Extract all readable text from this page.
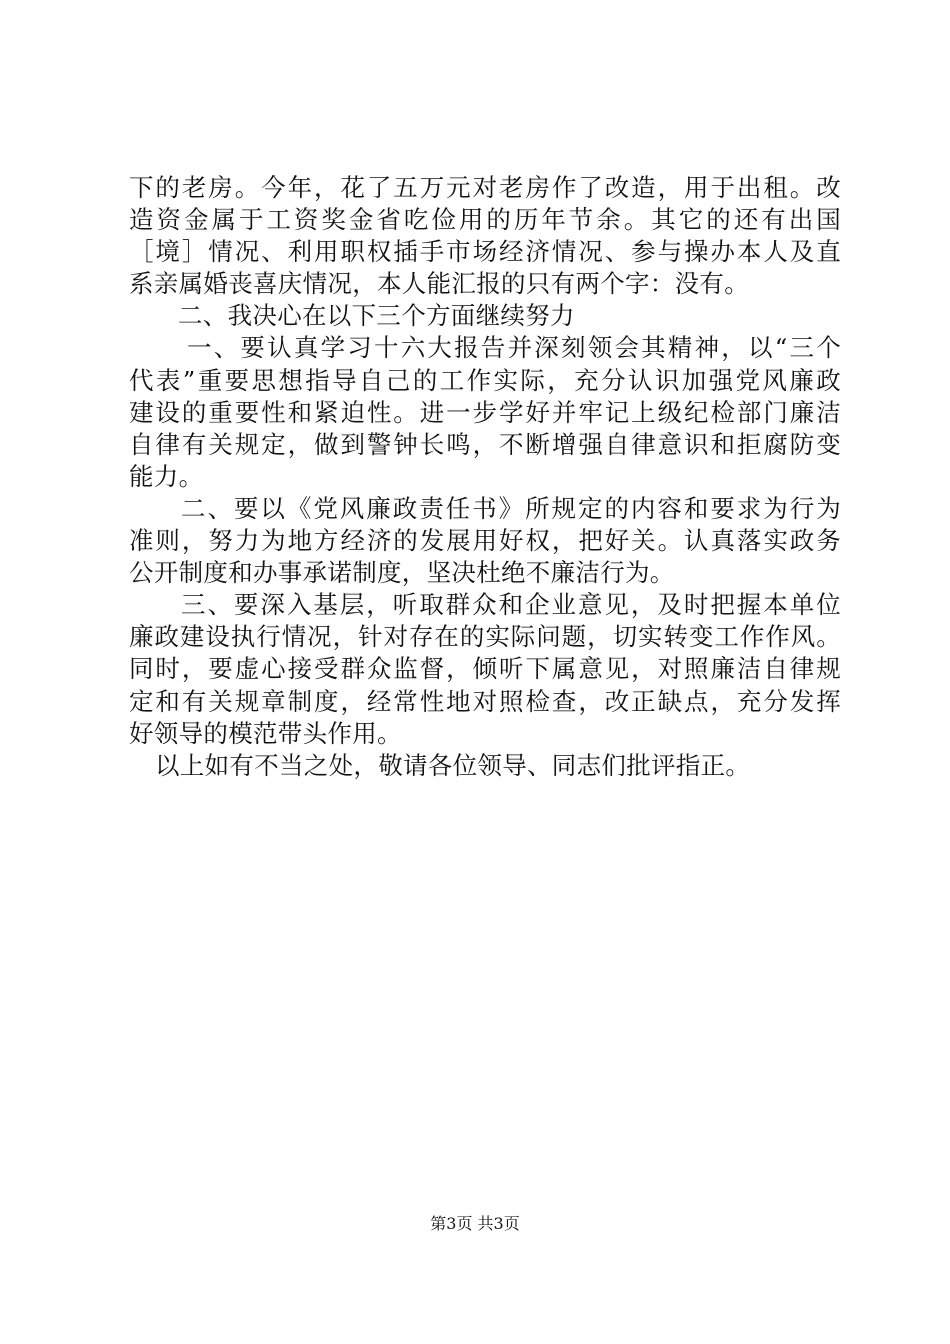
下的老房。今年，花了五万元对老房作了改造，用于出租。改
造资金属于工资奖金省吃俭用的历年节余。其它的还有出国
［境］情况、利用职权插手市场经济情况、参与操办本人及直
系亲属婚丧喜庆情况，本人能汇报的只有两个字：没有。
二、我决心在以下三个方面继续努力
一、要认真学习十六大报告并深刻领会其精神，以“三个
代表”重要思想指导自己的工作实际，充分认识加强党风廉政
建设的重要性和紧迫性。进一步学好并牢记上级纪检部门廉洁
自律有关规定，做到警钟长鸣，不断增强自律意识和拒腐防变
能力。
二、要以《党风廉政责任书》所规定的内容和要求为行为
准则，努力为地方经济的发展用好权，把好关。认真落实政务
公开制度和办事承诺制度，坚决杜绝不廉洁行为。
三、要深入基层，听取群众和企业意见，及时把握本单位
廉政建设执行情况，针对存在的实际问题，切实转变工作作风。
同时，要虚心接受群众监督，倾听下属意见，对照廉洁自律规
定和有关规章制度，经常性地对照检查，改正缺点，充分发挥
好领导的模范带头作用。
以上如有不当之处，敬请各位领导、同志们批评指正。
第3页 共3页
